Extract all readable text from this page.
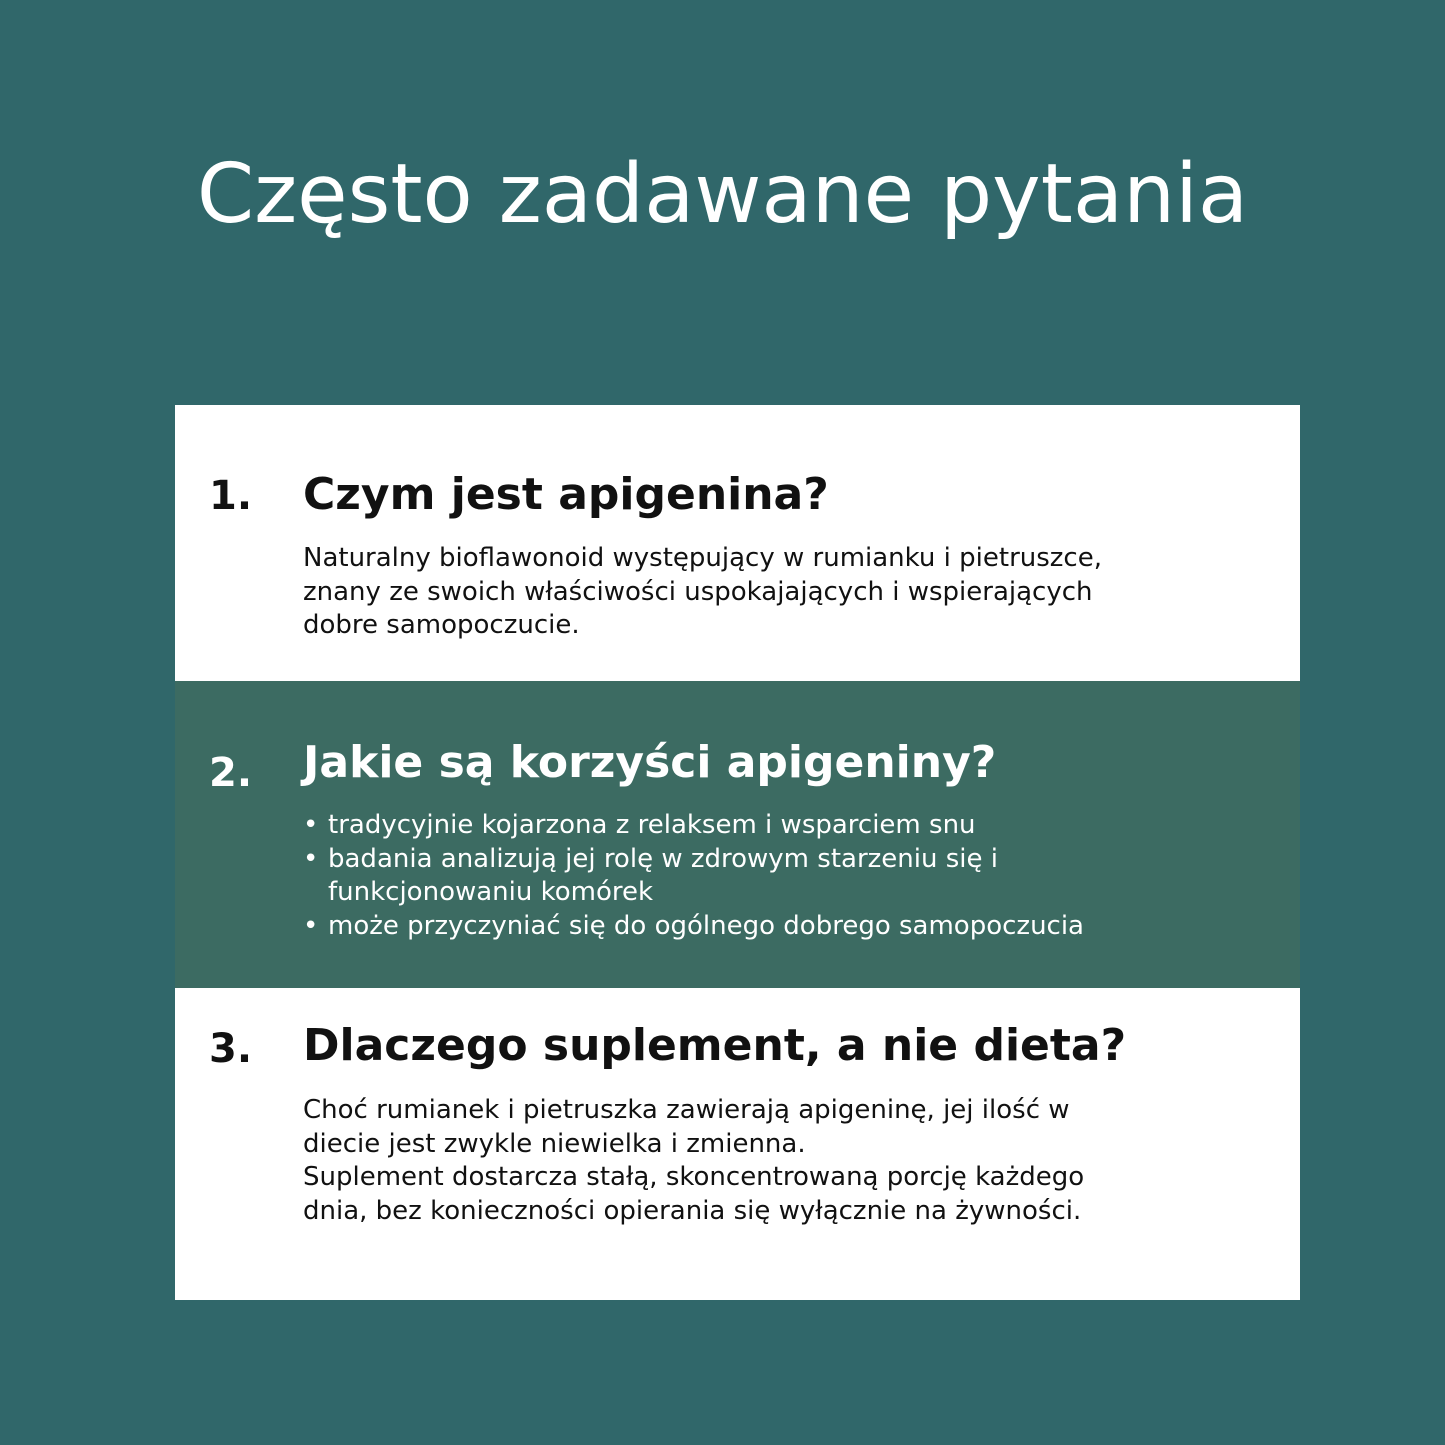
Często zadawane pytania
1. Czym jest apigenina?
Naturalny bioflawonoid występujący w rumianku i pietruszce,
znany ze swoich właściwości uspokajających i wspierających
dobre samopoczucie.
2. Jakie są korzyści apigeniny?
• tradycyjnie kojarzona z relaksem i wsparciem snu
• badania analizują jej rolę w zdrowym starzeniu się i
funkcjonowaniu komórek
• może przyczyniać się do ogólnego dobrego samopoczucia
3. Dlaczego suplement, a nie dieta?
Choć rumianek i pietruszka zawierają apigeninę, jej ilość w
diecie jest zwykle niewielka i zmienna.
Suplement dostarcza stałą, skoncentrowaną porcję każdego
dnia, bez konieczności opierania się wyłącznie na żywności.
